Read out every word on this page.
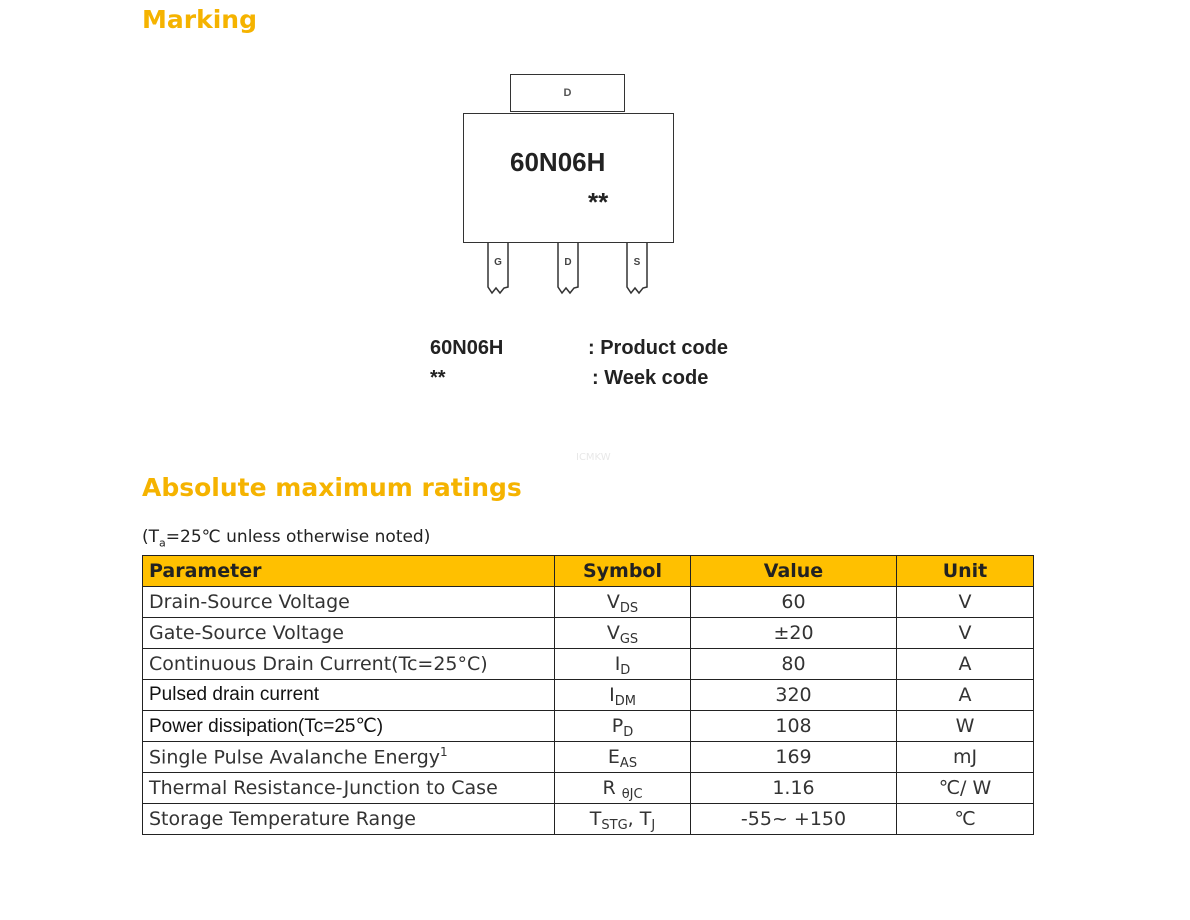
Marking
D
60N06H
**
G	D	S
60N06H	: Product code
**	: Week code
ICMKW
Absolute maximum ratings
($T_a=25℃$ unless otherwise noted)
Parameter	Symbol	Value	Unit
Drain-Source Voltage	$V_{DS}$	60	V
Gate-Source Voltage	$V_{GS}$	±20	V
Continuous Drain Current(Tc=25°C)	$I_D$	80	A
Pulsed drain current	$I_{DM}$	320	A
Power dissipation(Tc=25℃)	$P_D$	108	W
Single Pulse Avalanche Energy$^1$	$E_{AS}$	169	mJ
Thermal Resistance-Junction to Case	R $_{\theta JC}$	1.16	℃/ W
Storage Temperature Range	$T_{STG}$, $T_J$	-55~ +150	℃
